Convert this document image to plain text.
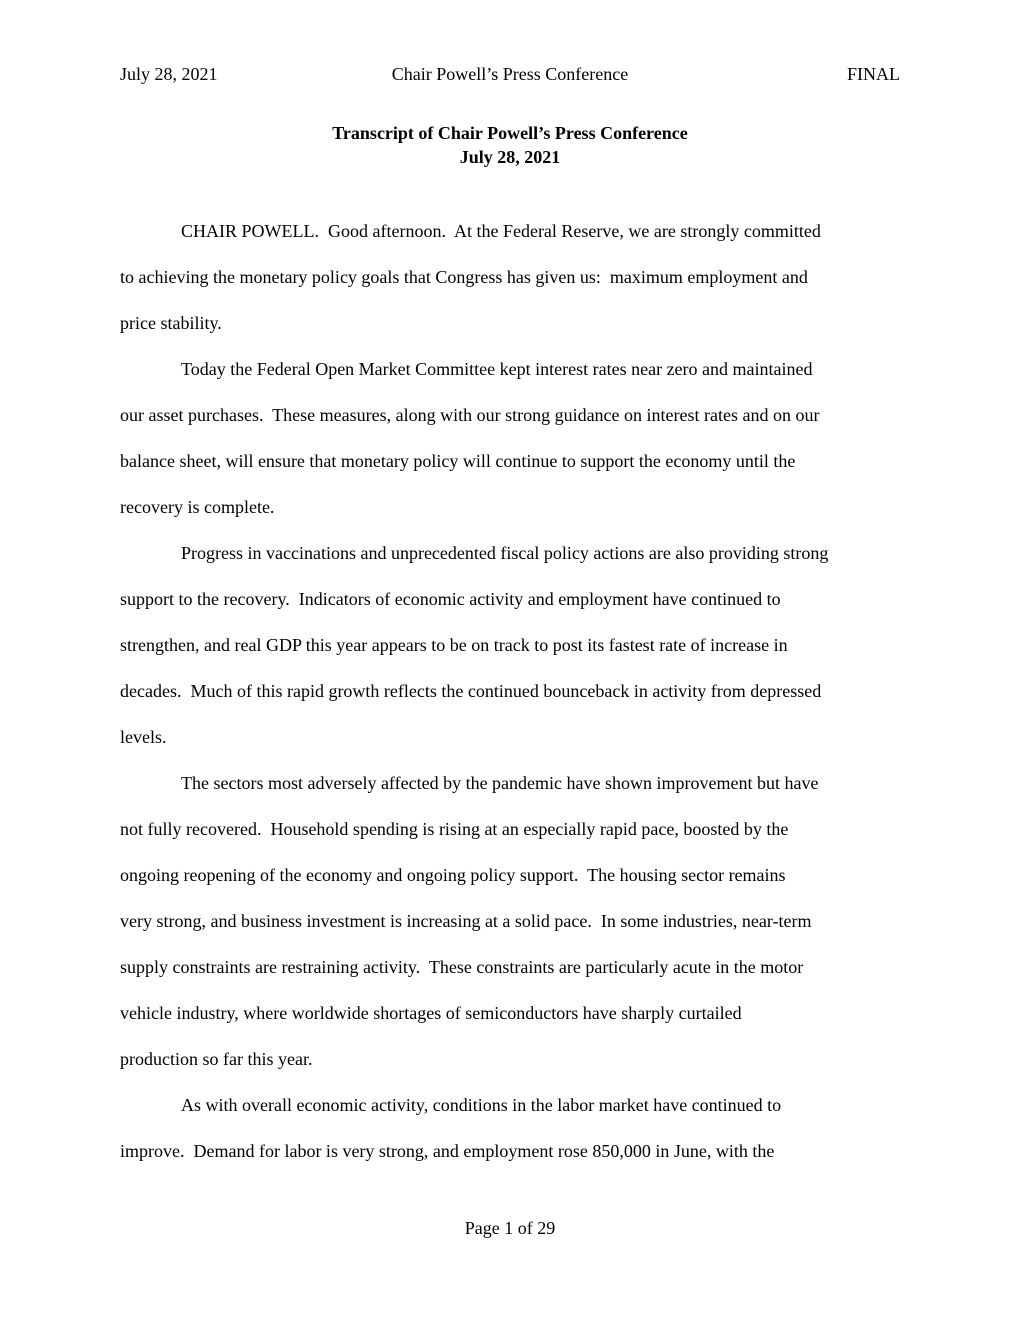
Chair Powell’s Press Conference
July 28, 2021	FINAL
Transcript of Chair Powell’s Press Conference
July 28, 2021
CHAIR POWELL.  Good afternoon.  At the Federal Reserve, we are strongly committed
to achieving the monetary policy goals that Congress has given us:  maximum employment and
price stability.
Today the Federal Open Market Committee kept interest rates near zero and maintained
our asset purchases.  These measures, along with our strong guidance on interest rates and on our
balance sheet, will ensure that monetary policy will continue to support the economy until the
recovery is complete.
Progress in vaccinations and unprecedented fiscal policy actions are also providing strong
support to the recovery.  Indicators of economic activity and employment have continued to
strengthen, and real GDP this year appears to be on track to post its fastest rate of increase in
decades.  Much of this rapid growth reflects the continued bounceback in activity from depressed
levels.
The sectors most adversely affected by the pandemic have shown improvement but have
not fully recovered.  Household spending is rising at an especially rapid pace, boosted by the
ongoing reopening of the economy and ongoing policy support.  The housing sector remains
very strong, and business investment is increasing at a solid pace.  In some industries, near-term
supply constraints are restraining activity.  These constraints are particularly acute in the motor
vehicle industry, where worldwide shortages of semiconductors have sharply curtailed
production so far this year.
As with overall economic activity, conditions in the labor market have continued to
improve.  Demand for labor is very strong, and employment rose 850,000 in June, with the
Page 1 of 29
